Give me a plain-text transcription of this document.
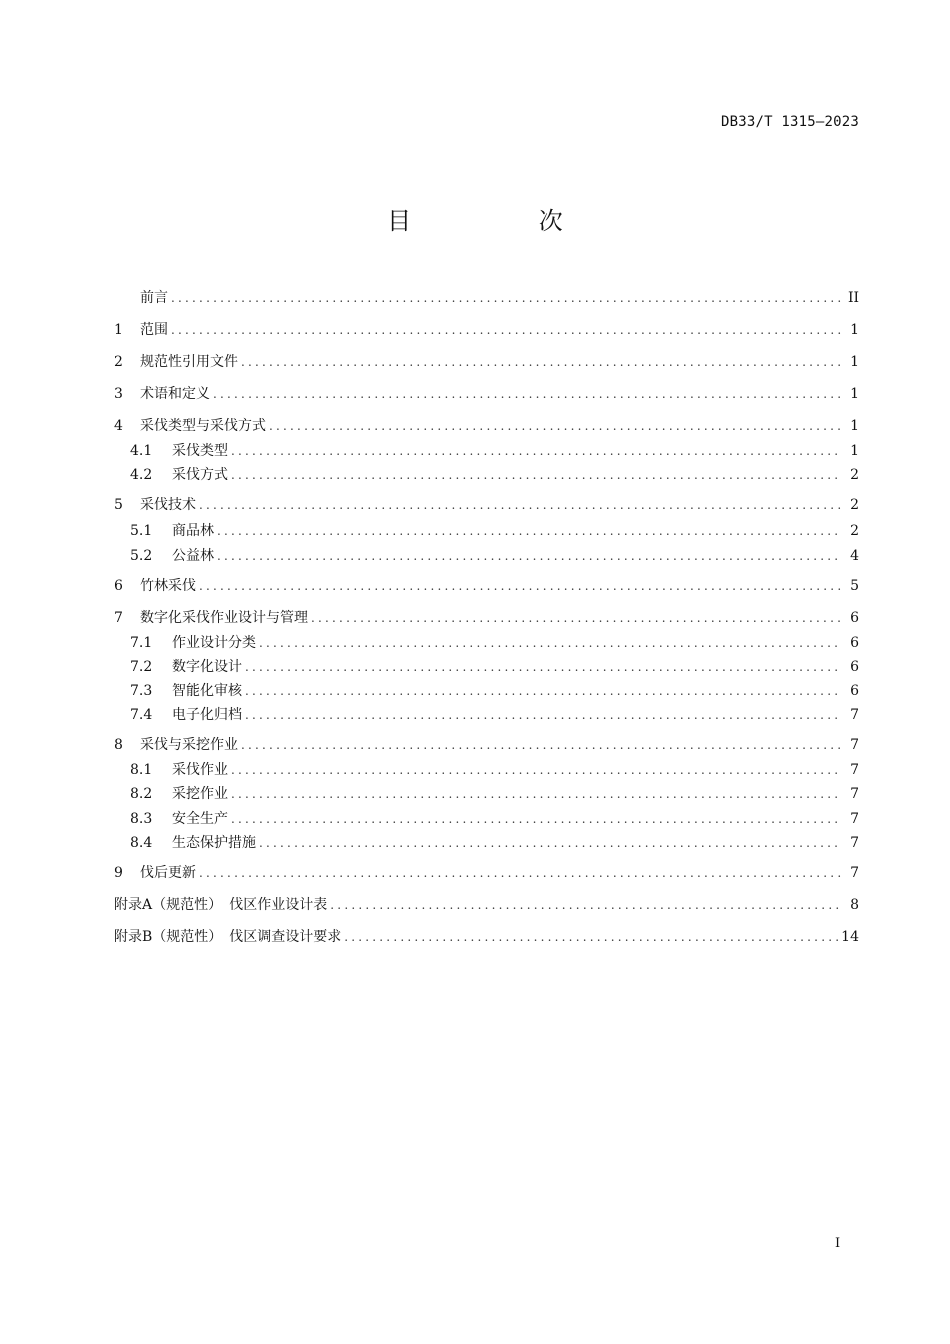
DB33/T 1315—2023
目 次
前言 .....	II
1	范围 .....	1
2	规范性引用文件 .....	1
3	术语和定义 .....	1
4	采伐类型与采伐方式 .....	1
4.1	采伐类型 .....	1
4.2	采伐方式 .....	2
5	采伐技术 .....	2
5.1	商品林 .....	2
5.2	公益林 .....	4
6	竹林采伐 .....	5
7	数字化采伐作业设计与管理 .....	6
7.1	作业设计分类 .....	6
7.2	数字化设计 .....	6
7.3	智能化审核 .....	6
7.4	电子化归档 .....	7
8	采伐与采挖作业 .....	7
8.1	采伐作业 .....	7
8.2	采挖作业 .....	7
8.3	安全生产 .....	7
8.4	生态保护措施 .....	7
9	伐后更新 .....	7
附录A（规范性） 伐区作业设计表 .....	8
附录B（规范性） 伐区调查设计要求 .....	14
I
